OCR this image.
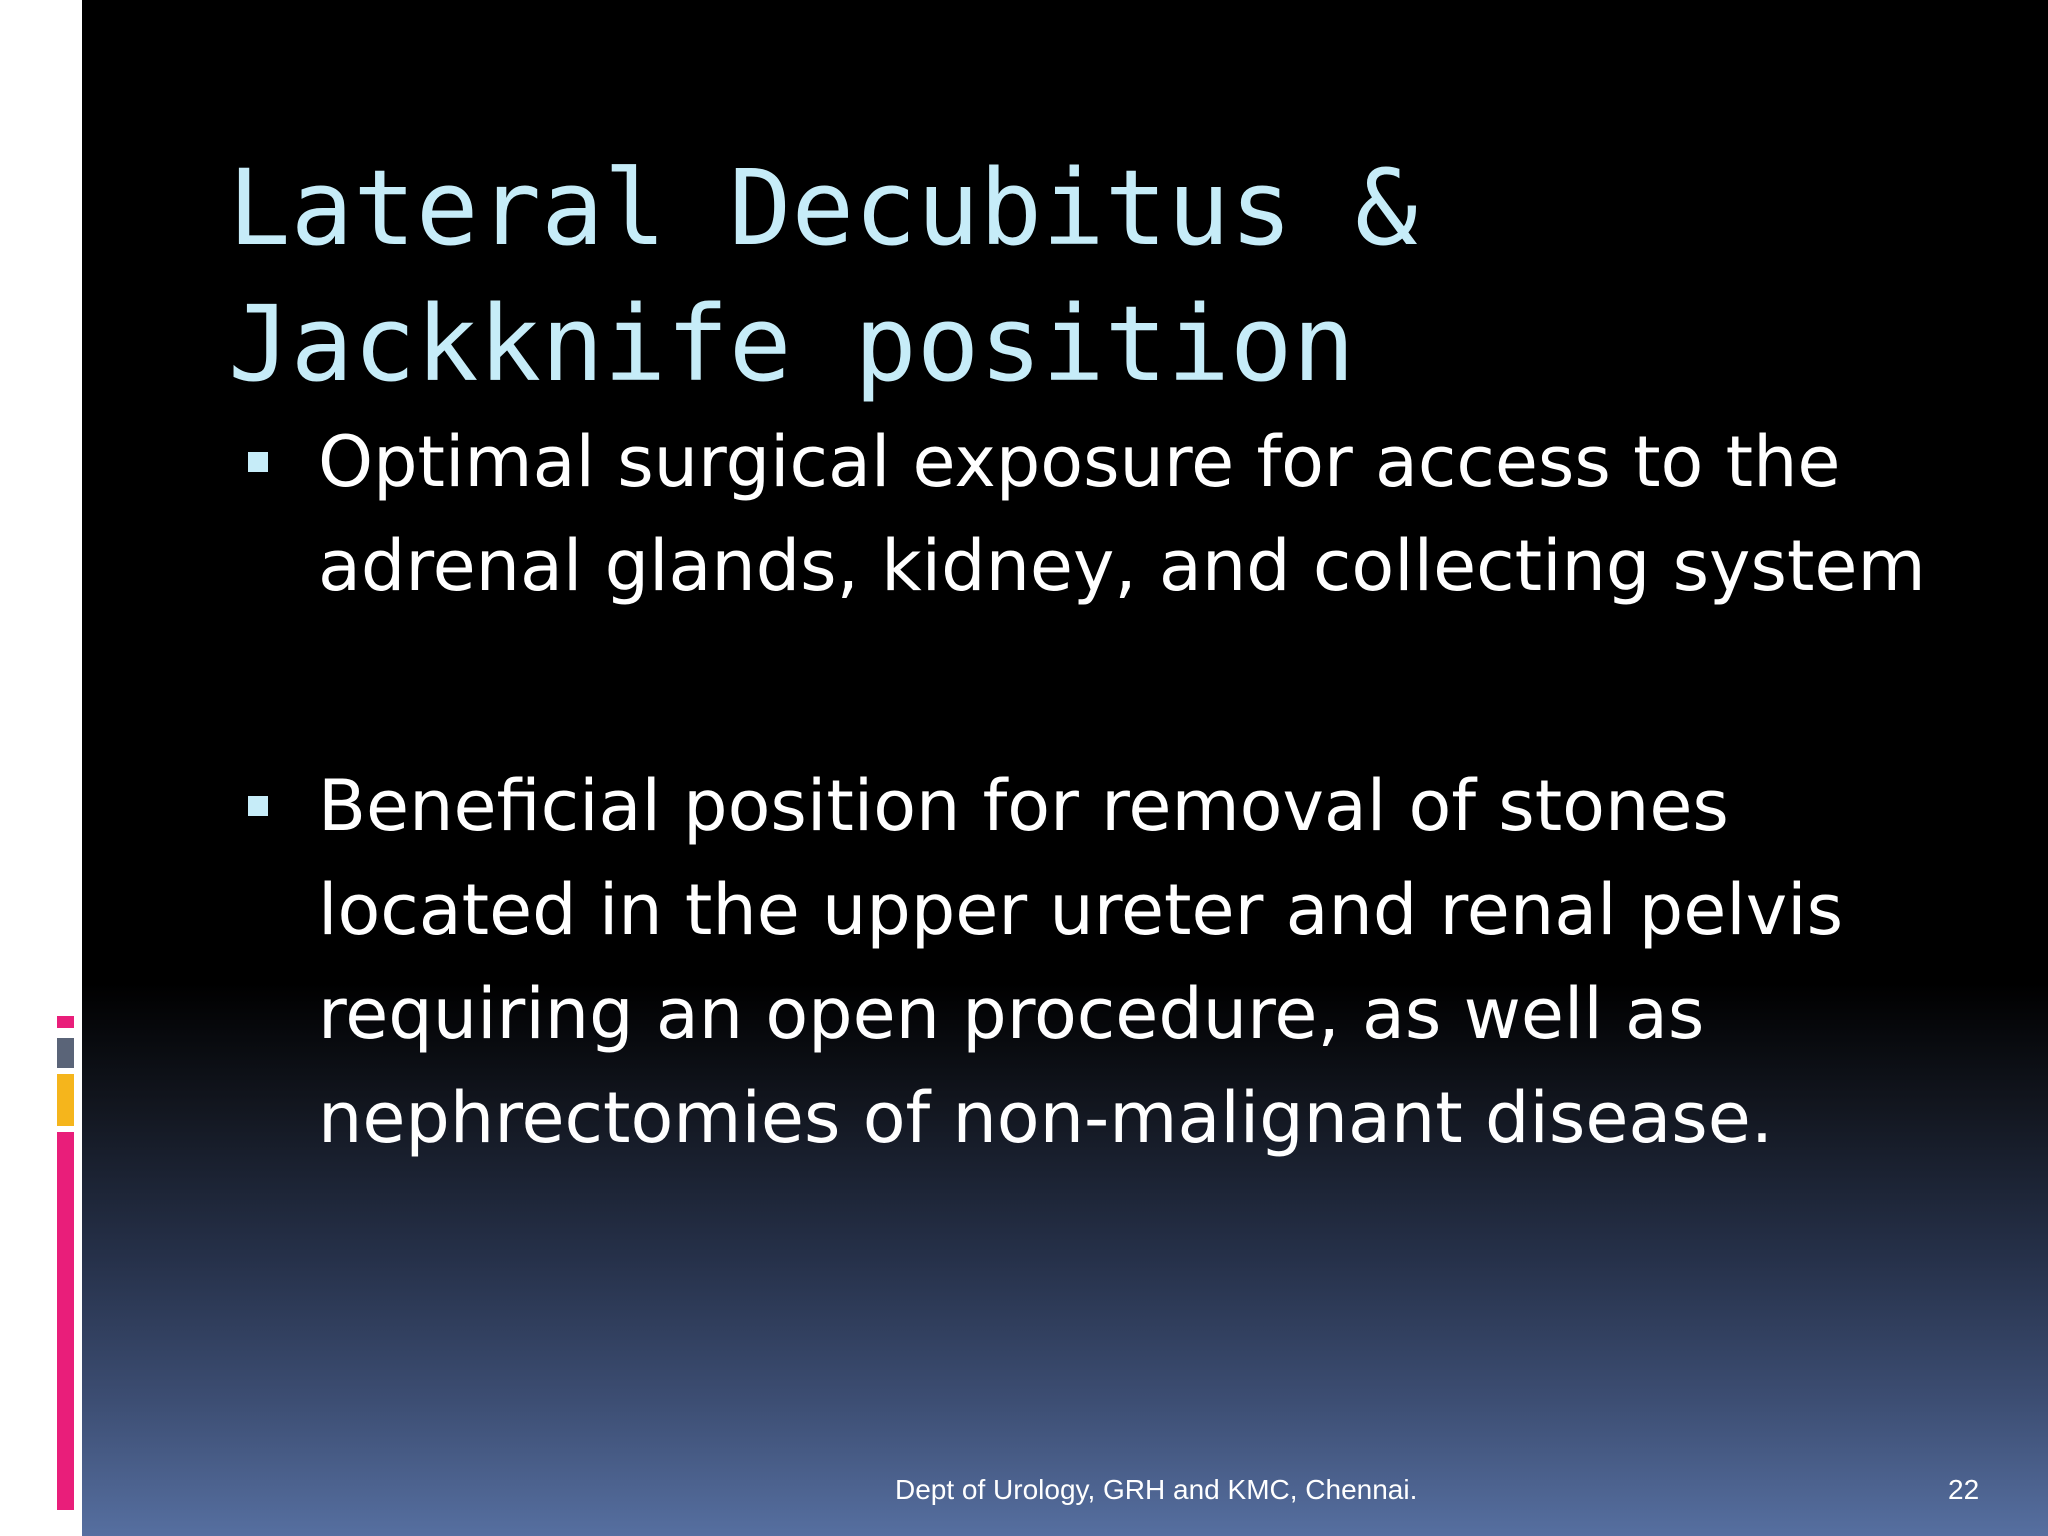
Lateral Decubitus &
Jackknife position
Optimal surgical exposure for access to the adrenal glands, kidney, and collecting system
Beneficial position for removal of stones located in the upper ureter and renal pelvis requiring an open procedure, as well as nephrectomies of non-malignant disease.
Dept of Urology, GRH and KMC, Chennai.	22
